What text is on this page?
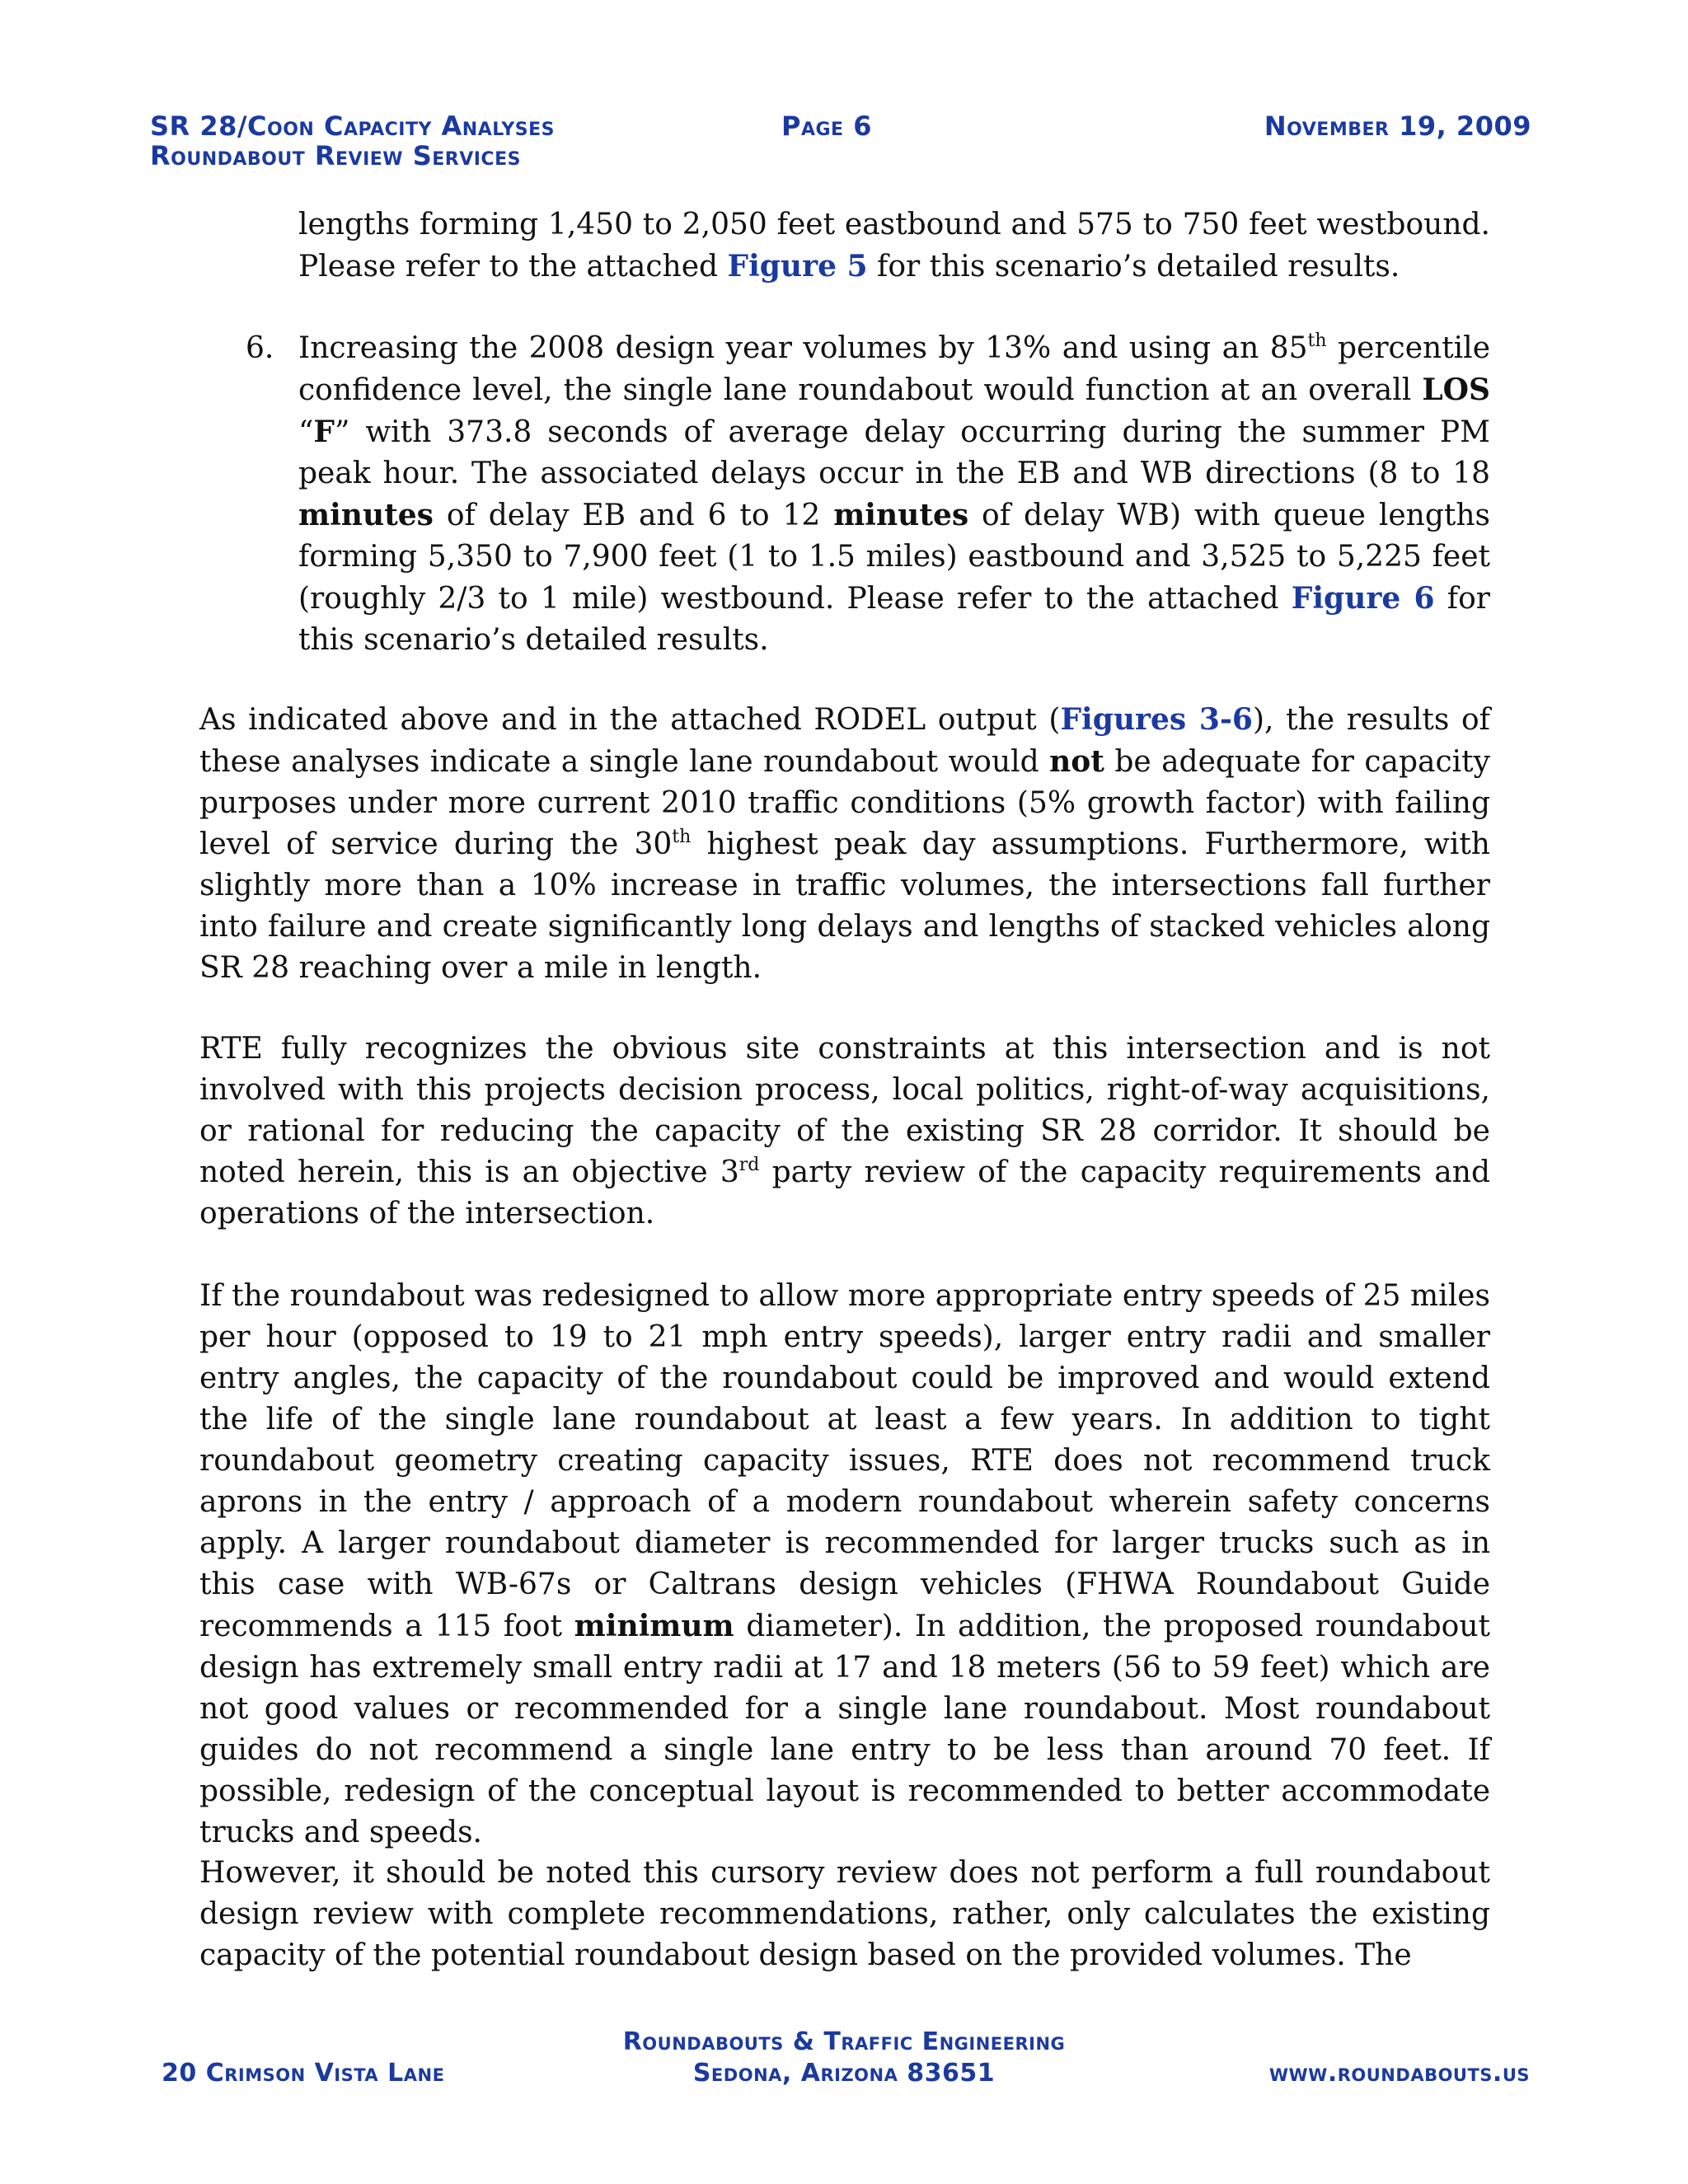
SR 28/Coon Capacity Analyses
Roundabout Review Services
Page 6	November 19, 2009

lengths forming 1,450 to 2,050 feet eastbound and 575 to 750 feet westbound. Please refer to the attached Figure 5 for this scenario’s detailed results.

6. Increasing the 2008 design year volumes by 13% and using an 85th percentile confidence level, the single lane roundabout would function at an overall LOS “F” with 373.8 seconds of average delay occurring during the summer PM peak hour. The associated delays occur in the EB and WB directions (8 to 18 minutes of delay EB and 6 to 12 minutes of delay WB) with queue lengths forming 5,350 to 7,900 feet (1 to 1.5 miles) eastbound and 3,525 to 5,225 feet (roughly 2/3 to 1 mile) westbound. Please refer to the attached Figure 6 for this scenario’s detailed results.

As indicated above and in the attached RODEL output (Figures 3-6), the results of these analyses indicate a single lane roundabout would not be adequate for capacity purposes under more current 2010 traffic conditions (5% growth factor) with failing level of service during the 30th highest peak day assumptions. Furthermore, with slightly more than a 10% increase in traffic volumes, the intersections fall further into failure and create significantly long delays and lengths of stacked vehicles along SR 28 reaching over a mile in length.

RTE fully recognizes the obvious site constraints at this intersection and is not involved with this projects decision process, local politics, right-of-way acquisitions, or rational for reducing the capacity of the existing SR 28 corridor. It should be noted herein, this is an objective 3rd party review of the capacity requirements and operations of the intersection.

If the roundabout was redesigned to allow more appropriate entry speeds of 25 miles per hour (opposed to 19 to 21 mph entry speeds), larger entry radii and smaller entry angles, the capacity of the roundabout could be improved and would extend the life of the single lane roundabout at least a few years. In addition to tight roundabout geometry creating capacity issues, RTE does not recommend truck aprons in the entry / approach of a modern roundabout wherein safety concerns apply. A larger roundabout diameter is recommended for larger trucks such as in this case with WB-67s or Caltrans design vehicles (FHWA Roundabout Guide recommends a 115 foot minimum diameter). In addition, the proposed roundabout design has extremely small entry radii at 17 and 18 meters (56 to 59 feet) which are not good values or recommended for a single lane roundabout. Most roundabout guides do not recommend a single lane entry to be less than around 70 feet. If possible, redesign of the conceptual layout is recommended to better accommodate trucks and speeds.

However, it should be noted this cursory review does not perform a full roundabout design review with complete recommendations, rather, only calculates the existing capacity of the potential roundabout design based on the provided volumes. The

Roundabouts & Traffic Engineering
20 Crimson Vista Lane	Sedona, Arizona 83651	www.roundabouts.us
